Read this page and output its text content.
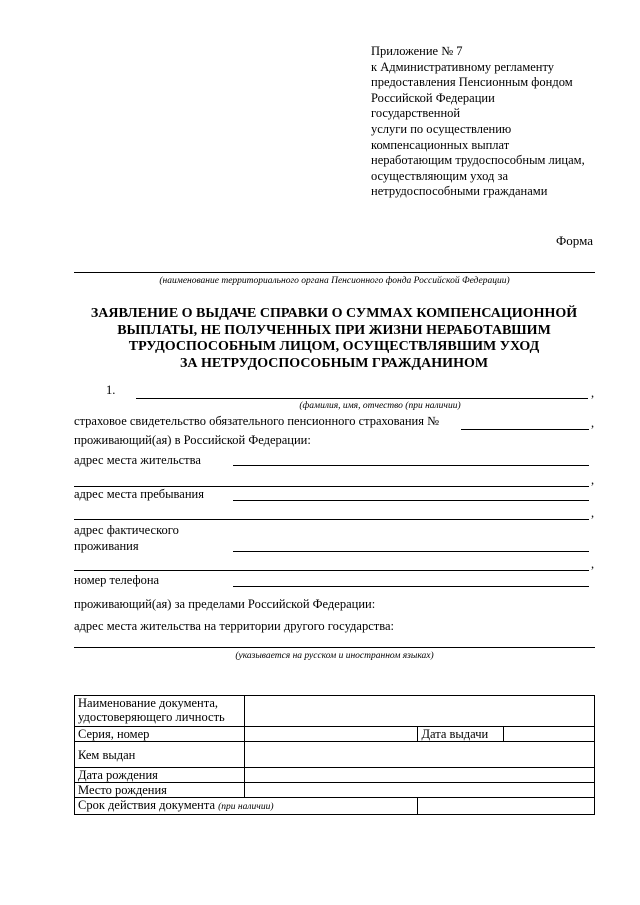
Приложение № 7
к Административному регламенту
предоставления Пенсионным фондом
Российской Федерации
государственной
услуги по осуществлению
компенсационных выплат
неработающим трудоспособным лицам,
осуществляющим уход за
нетрудоспособными гражданами
Форма
(наименование территориального органа Пенсионного фонда Российской Федерации)
ЗАЯВЛЕНИЕ О ВЫДАЧЕ СПРАВКИ О СУММАХ КОМПЕНСАЦИОННОЙ
ВЫПЛАТЫ, НЕ ПОЛУЧЕННЫХ ПРИ ЖИЗНИ НЕРАБОТАВШИМ
ТРУДОСПОСОБНЫМ ЛИЦОМ, ОСУЩЕСТВЛЯВШИМ УХОД
ЗА НЕТРУДОСПОСОБНЫМ ГРАЖДАНИНОМ
1.	,
(фамилия, имя, отчество (при наличии)
страховое свидетельство обязательного пенсионного страхования №	,
проживающий(ая) в Российской Федерации:
адрес места жительства
,
адрес места пребывания
,
адрес фактического
проживания
,
номер телефона
проживающий(ая) за пределами Российской Федерации:
адрес места жительства на территории другого государства:
(указывается на русском и иностранном языках)
Наименование документа,
удостоверяющего личность			

Серия, номер		Дата выдачи	
Кем выдан			
Дата рождения			
Место рождения			
Срок действия документа (при наличии)			
